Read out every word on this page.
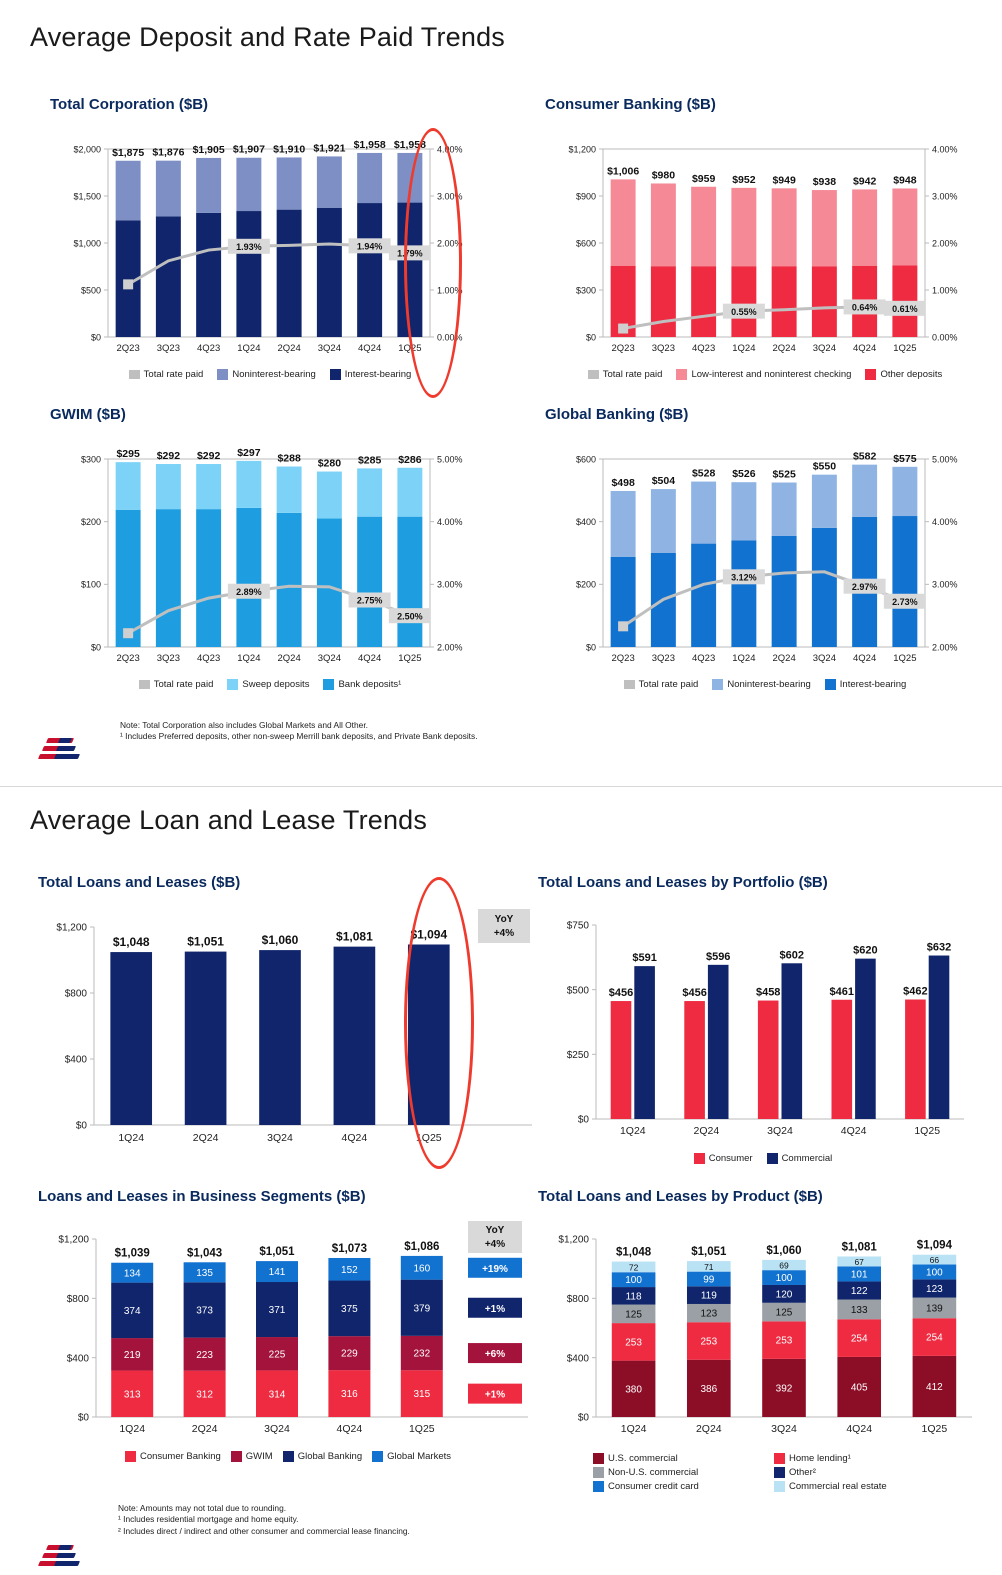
Average Deposit and Rate Paid Trends
Total Corporation ($B)
$0
$500
$1,000
$1,500
$2,000
0.00%
1.00%
2.00%
3.00%
4.00%
$1,875
2Q23
$1,876
3Q23
$1,905
4Q23
$1,907
1Q24
$1,910
2Q24
$1,921
3Q24
$1,958
4Q24
$1,958
1Q25
1.93%	1.94%
1.79%
Total rate paid	Noninterest-bearing	Interest-bearing
Consumer Banking ($B)
$0
$300
$600
$900
$1,200
0.00%
1.00%
2.00%
3.00%
4.00%
$1,006
2Q23
$980
3Q23
$959
4Q23
$952
1Q24
$949
2Q24
$938
3Q24
$942
4Q24
$948
1Q25
0.55%	0.64% 0.61%
Total rate paid	Low-interest and noninterest checking	Other deposits
GWIM ($B)
$0
$100
$200
$300
2.00%
3.00%
4.00%
5.00%
$295
2Q23
$292
3Q23
$292
4Q23
$297
1Q24
$288
2Q24
$280
3Q24
$285
4Q24
$286
1Q25
2.89%
2.75%
2.50%
Total rate paid	Sweep deposits	Bank deposits¹
Global Banking ($B)
$0
$200
$400
$600
2.00%
3.00%
4.00%
5.00%
$498
2Q23
$504
3Q23
$528
4Q23
$526
1Q24
$525
2Q24
$550
3Q24
$582
4Q24
$575
1Q25
3.12%
2.97%
2.73%
Total rate paid	Noninterest-bearing	Interest-bearing
Note: Total Corporation also includes Global Markets and All Other.
¹ Includes Preferred deposits, other non-sweep Merrill bank deposits, and Private Bank deposits.
Average Loan and Lease Trends
Total Loans and Leases ($B)
$0
$400
$800
$1,200
$1,048
1Q24
$1,051
2Q24
$1,060
3Q24
$1,081
4Q24
$1,094
1Q25
YoY
+4%
Total Loans and Leases by Portfolio ($B)
$0
$250
$500
$750
$456
$591
1Q24
$456
$596
2Q24
$458
$602
3Q24
$461
$620
4Q24
$462
$632
1Q25
Consumer	Commercial
Loans and Leases in Business Segments ($B)
$0
$400
$800
$1,200
313
219
374
134
$1,039
1Q24
312
223
373
135
$1,043
2Q24
314
225
371
141
$1,051
3Q24
316
229
375
152
$1,073
4Q24
315
232
379
160
$1,086
1Q25
YoY
+4%
+1%
+6%
+1%
+19%
Consumer Banking	GWIM	Global Banking	Global Markets
Total Loans and Leases by Product ($B)
$0
$400
$800
$1,200
380
253
125
118
100
72
$1,048
1Q24
386
253
123
119
99
71
$1,051
2Q24
392
253
125
120
100
69
$1,060
3Q24
405
254
133
122
101
67
$1,081
4Q24
412
254
139
123
100
66
$1,094
1Q25
U.S. commercial	Home lending¹
Non-U.S. commercial	Other²
Consumer credit card	Commercial real estate
Note: Amounts may not total due to rounding.
¹ Includes residential mortgage and home equity.
² Includes direct / indirect and other consumer and commercial lease financing.
